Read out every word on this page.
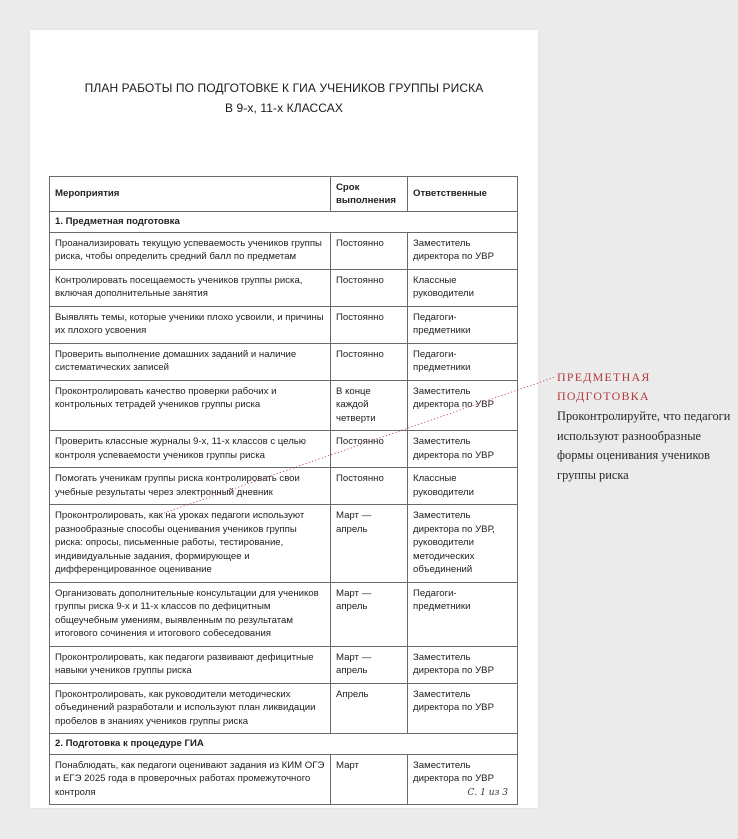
ПЛАН РАБОТЫ ПО ПОДГОТОВКЕ К ГИА УЧЕНИКОВ ГРУППЫ РИСКА
В 9-х, 11-х КЛАССАХ
Мероприятия	Срок выполнения	Ответственные
1. Предметная подготовка		
Проанализировать текущую успеваемость учеников группы риска, чтобы определить средний балл по предметам	Постоянно	Заместитель директора по УВР
Контролировать посещаемость учеников группы риска, включая дополнительные занятия	Постоянно	Классные руководители
Выявлять темы, которые ученики плохо усвоили, и причины их плохого усвоения	Постоянно	Педагоги-предметники
Проверить выполнение домашних заданий и наличие систематических записей	Постоянно	Педагоги-предметники
Проконтролировать качество проверки рабочих и контрольных тетрадей учеников группы риска	В конце каждой четверти	Заместитель директора по УВР
Проверить классные журналы 9-х, 11-х классов с целью контроля успеваемости учеников группы риска	Постоянно	Заместитель директора по УВР
Помогать ученикам группы риска контролировать свои учебные результаты через электронный дневник	Постоянно	Классные руководители
Проконтролировать, как на уроках педагоги используют разнообразные способы оценивания учеников группы риска: опросы, письменные работы, тестирование, индивидуальные задания, формирующее и дифференцированное оценивание	Март — апрель	Заместитель директора по УВР, руководители методических объединений
Организовать дополнительные консультации для учеников группы риска 9-х и 11-х классов по дефицитным общеучебным умениям, выявленным по результатам итогового сочинения и итогового собеседования	Март — апрель	Педагоги-предметники
Проконтролировать, как педагоги развивают дефицитные навыки учеников группы риска	Март — апрель	Заместитель директора по УВР
Проконтролировать, как руководители методических объединений разработали и используют план ликвидации пробелов в знаниях учеников группы риска	Апрель	Заместитель директора по УВР
2. Подготовка к процедуре ГИА		
Понаблюдать, как педагоги оценивают задания из КИМ ОГЭ и ЕГЭ 2025 года в проверочных работах промежуточного контроля	Март	Заместитель директора по УВР
С. 1 из 3
ПРЕДМЕТНАЯ ПОДГОТОВКА
Проконтролируйте, что педагоги используют разнообразные формы оценивания учеников группы риска
